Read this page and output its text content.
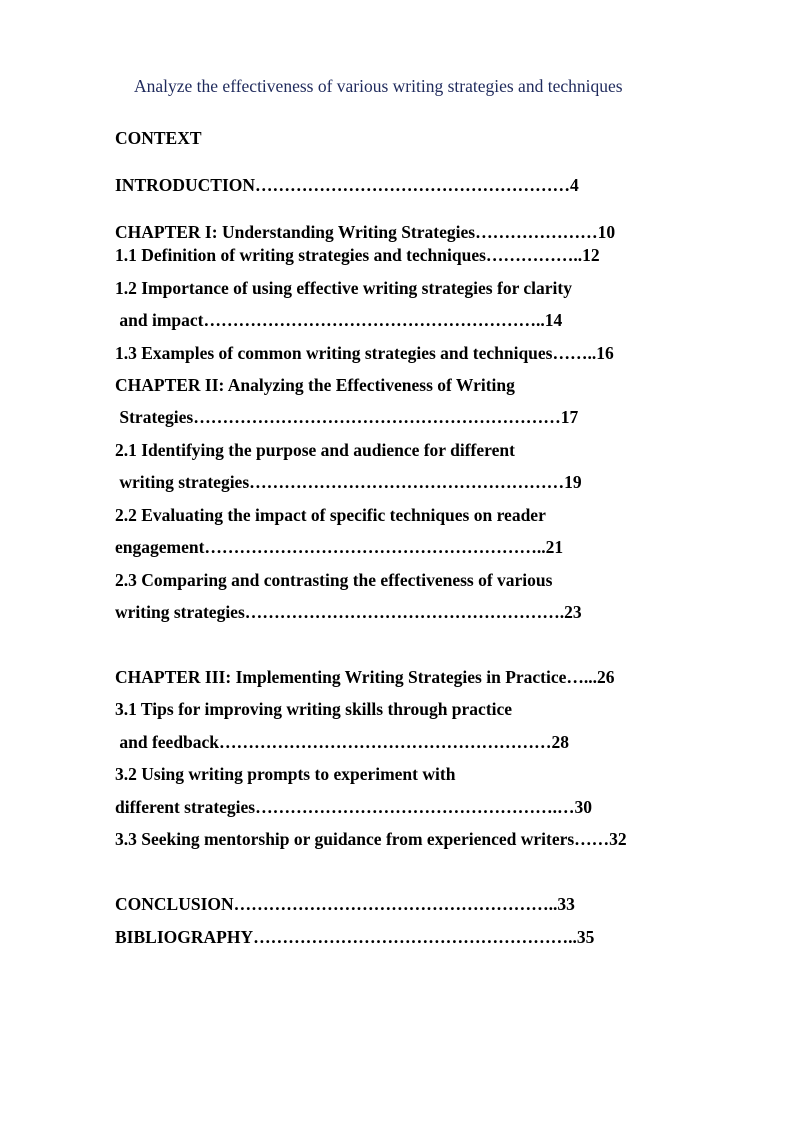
Analyze the effectiveness of various writing strategies and techniques
CONTEXT
INTRODUCTION………………………………………………4
CHAPTER I: Understanding Writing Strategies…………………10
1.1 Definition of writing strategies and techniques……………..12
1.2 Importance of using effective writing strategies for clarity
and impact…………………………………………………..14
1.3 Examples of common writing strategies and techniques……..16
CHAPTER II: Analyzing the Effectiveness of Writing
Strategies………………………………………………………17
2.1 Identifying the purpose and audience for different
writing strategies………………………………………………19
2.2 Evaluating the impact of specific techniques on reader
engagement…………………………………………………..21
2.3 Comparing and contrasting the effectiveness of various
writing strategies……………………………………………….23
CHAPTER III: Implementing Writing Strategies in Practice…...26
3.1 Tips for improving writing skills through practice
and feedback…………………………………………………28
3.2 Using writing prompts to experiment with
different strategies…………………………………………….…30
3.3 Seeking mentorship or guidance from experienced writers……32
CONCLUSION………………………………………………..33
BIBLIOGRAPHY………………………………………………..35
